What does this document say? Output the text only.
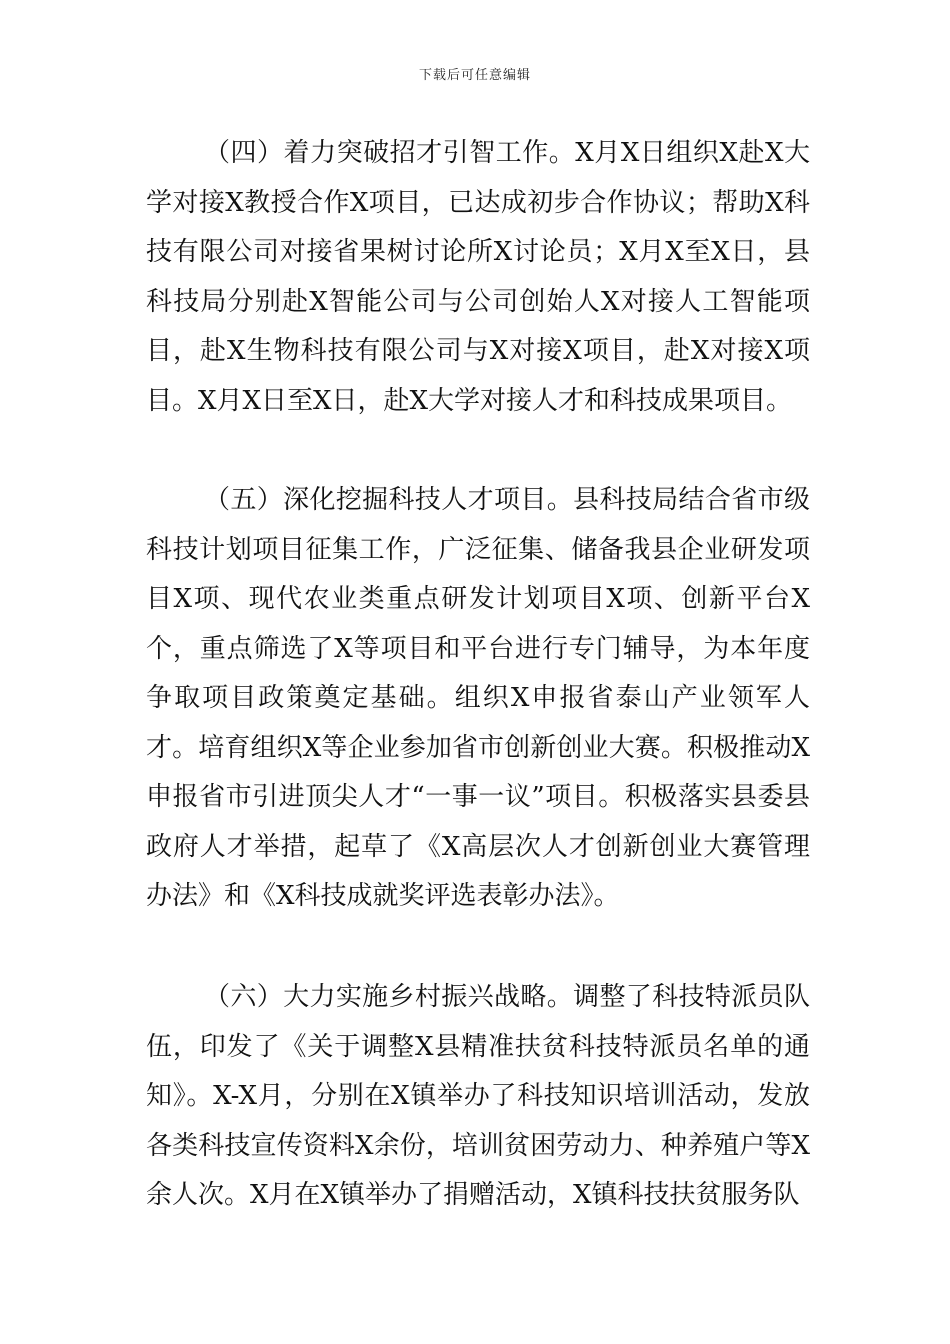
下载后可任意编辑

（四）着力突破招才引智工作。X月X日组织X赴X大学对接X教授合作X项目，已达成初步合作协议；帮助X科技有限公司对接省果树讨论所X讨论员；X月X至X日，县科技局分别赴X智能公司与公司创始人X对接人工智能项目，赴X生物科技有限公司与X对接X项目，赴X对接X项目。X月X日至X日，赴X大学对接人才和科技成果项目。

（五）深化挖掘科技人才项目。县科技局结合省市级科技计划项目征集工作，广泛征集、储备我县企业研发项目X项、现代农业类重点研发计划项目X项、创新平台X个，重点筛选了X等项目和平台进行专门辅导，为本年度争取项目政策奠定基础。组织X申报省泰山产业领军人才。培育组织X等企业参加省市创新创业大赛。积极推动X申报省市引进顶尖人才“一事一议”项目。积极落实县委县政府人才举措，起草了《X高层次人才创新创业大赛管理办法》和《X科技成就奖评选表彰办法》。

（六）大力实施乡村振兴战略。调整了科技特派员队伍，印发了《关于调整X县精准扶贫科技特派员名单的通知》。X-X月，分别在X镇举办了科技知识培训活动，发放各类科技宣传资料X余份，培训贫困劳动力、种养殖户等X余人次。X月在X镇举办了捐赠活动，X镇科技扶贫服务队
